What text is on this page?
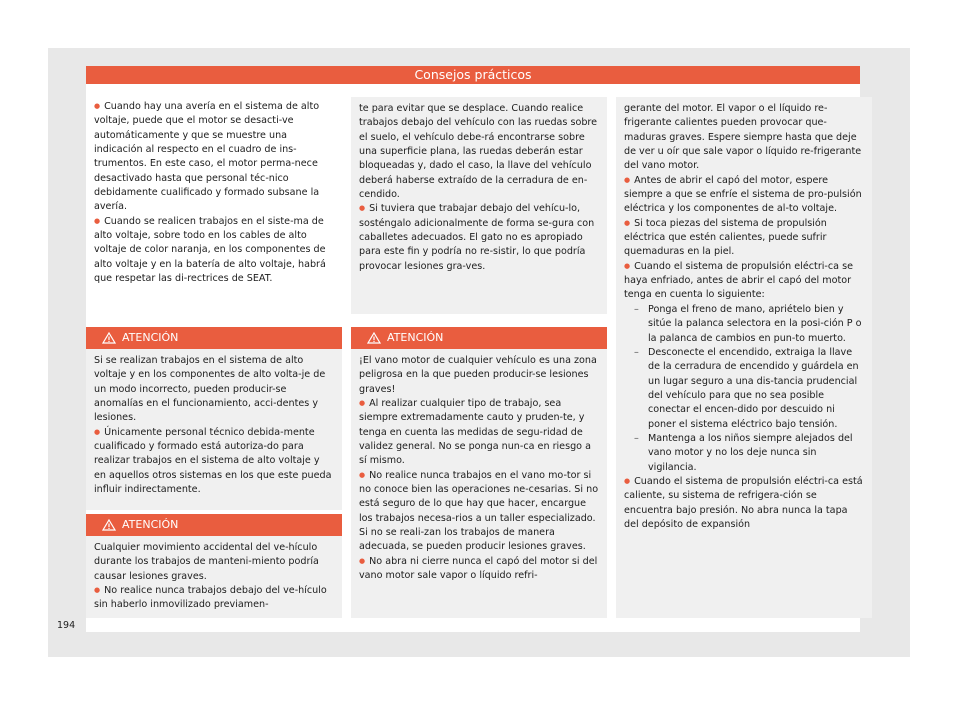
Consejos prácticos

● Cuando hay una avería en el sistema de alto voltaje, puede que el motor se desacti-ve automáticamente y que se muestre una indicación al respecto en el cuadro de ins-trumentos. En este caso, el motor perma-nece desactivado hasta que personal téc-nico debidamente cualificado y formado subsane la avería.

● Cuando se realicen trabajos en el siste-ma de alto voltaje, sobre todo en los cables de alto voltaje de color naranja, en los componentes de alto voltaje y en la batería de alto voltaje, habrá que respetar las di-rectrices de SEAT.

ATENCIÓN

Si se realizan trabajos en el sistema de alto voltaje y en los componentes de alto volta-je de un modo incorrecto, pueden producir-se anomalías en el funcionamiento, acci-dentes y lesiones.

● Únicamente personal técnico debida-mente cualificado y formado está autoriza-do para realizar trabajos en el sistema de alto voltaje y en aquellos otros sistemas en los que este pueda influir indirectamente.

ATENCIÓN

Cualquier movimiento accidental del ve-hículo durante los trabajos de manteni-miento podría causar lesiones graves.

● No realice nunca trabajos debajo del ve-hículo sin haberlo inmovilizado previamen-

te para evitar que se desplace. Cuando realice trabajos debajo del vehículo con las ruedas sobre el suelo, el vehículo debe-rá encontrarse sobre una superficie plana, las ruedas deberán estar bloqueadas y, dado el caso, la llave del vehículo deberá haberse extraído de la cerradura de en-cendido.

● Si tuviera que trabajar debajo del vehícu-lo, sosténgalo adicionalmente de forma se-gura con caballetes adecuados. El gato no es apropiado para este fin y podría no re-sistir, lo que podría provocar lesiones gra-ves.

ATENCIÓN

¡El vano motor de cualquier vehículo es una zona peligrosa en la que pueden producir-se lesiones graves!

● Al realizar cualquier tipo de trabajo, sea siempre extremadamente cauto y pruden-te, y tenga en cuenta las medidas de segu-ridad de validez general. No se ponga nun-ca en riesgo a sí mismo.

● No realice nunca trabajos en el vano mo-tor si no conoce bien las operaciones ne-cesarias. Si no está seguro de lo que hay que hacer, encargue los trabajos necesa-rios a un taller especializado. Si no se reali-zan los trabajos de manera adecuada, se pueden producir lesiones graves.

● No abra ni cierre nunca el capó del motor si del vano motor sale vapor o líquido refri-

gerante del motor. El vapor o el líquido re-frigerante calientes pueden provocar que-maduras graves. Espere siempre hasta que deje de ver u oír que sale vapor o líquido re-frigerante del vano motor.

● Antes de abrir el capó del motor, espere siempre a que se enfríe el sistema de pro-pulsión eléctrica y los componentes de al-to voltaje.

● Si toca piezas del sistema de propulsión eléctrica que estén calientes, puede sufrir quemaduras en la piel.

● Cuando el sistema de propulsión eléctri-ca se haya enfriado, antes de abrir el capó del motor tenga en cuenta lo siguiente:

– Ponga el freno de mano, apriételo bien y sitúe la palanca selectora en la posi-ción P o la palanca de cambios en pun-to muerto.

– Desconecte el encendido, extraiga la llave de la cerradura de encendido y guárdela en un lugar seguro a una dis-tancia prudencial del vehículo para que no sea posible conectar el encen-dido por descuido ni poner el sistema eléctrico bajo tensión.

– Mantenga a los niños siempre alejados del vano motor y no los deje nunca sin vigilancia.

● Cuando el sistema de propulsión eléctri-ca está caliente, su sistema de refrigera-ción se encuentra bajo presión. No abra nunca la tapa del depósito de expansión

194
